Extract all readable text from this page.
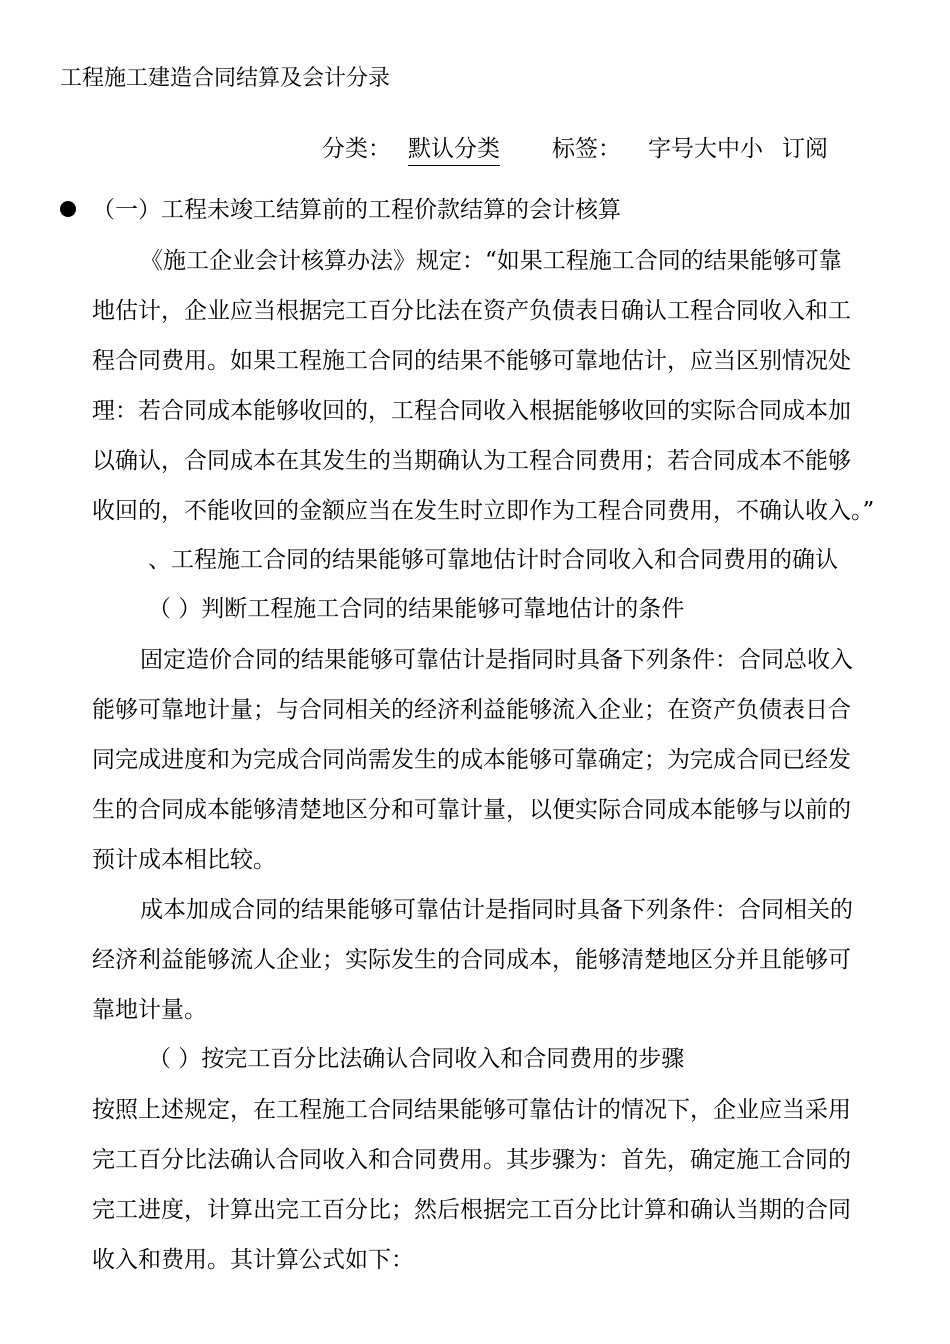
工程施工建造合同结算及会计分录
分类： 默认分类 标签： 字号大中小 订阅
（一）工程未竣工结算前的工程价款结算的会计核算
《施工企业会计核算办法》规定：“如果工程施工合同的结果能够可靠
地估计，企业应当根据完工百分比法在资产负债表日确认工程合同收入和工
程合同费用。如果工程施工合同的结果不能够可靠地估计，应当区别情况处
理：若合同成本能够收回的，工程合同收入根据能够收回的实际合同成本加
以确认，合同成本在其发生的当期确认为工程合同费用；若合同成本不能够
收回的，不能收回的金额应当在发生时立即作为工程合同费用，不确认收入。”
、工程施工合同的结果能够可靠地估计时合同收入和合同费用的确认
（ ）判断工程施工合同的结果能够可靠地估计的条件
固定造价合同的结果能够可靠估计是指同时具备下列条件：合同总收入
能够可靠地计量；与合同相关的经济利益能够流入企业；在资产负债表日合
同完成进度和为完成合同尚需发生的成本能够可靠确定；为完成合同已经发
生的合同成本能够清楚地区分和可靠计量，以便实际合同成本能够与以前的
预计成本相比较。
成本加成合同的结果能够可靠估计是指同时具备下列条件：合同相关的
经济利益能够流人企业；实际发生的合同成本，能够清楚地区分并且能够可
靠地计量。
（ ）按完工百分比法确认合同收入和合同费用的步骤
按照上述规定，在工程施工合同结果能够可靠估计的情况下，企业应当采用
完工百分比法确认合同收入和合同费用。其步骤为：首先，确定施工合同的
完工进度，计算出完工百分比；然后根据完工百分比计算和确认当期的合同
收入和费用。其计算公式如下：
